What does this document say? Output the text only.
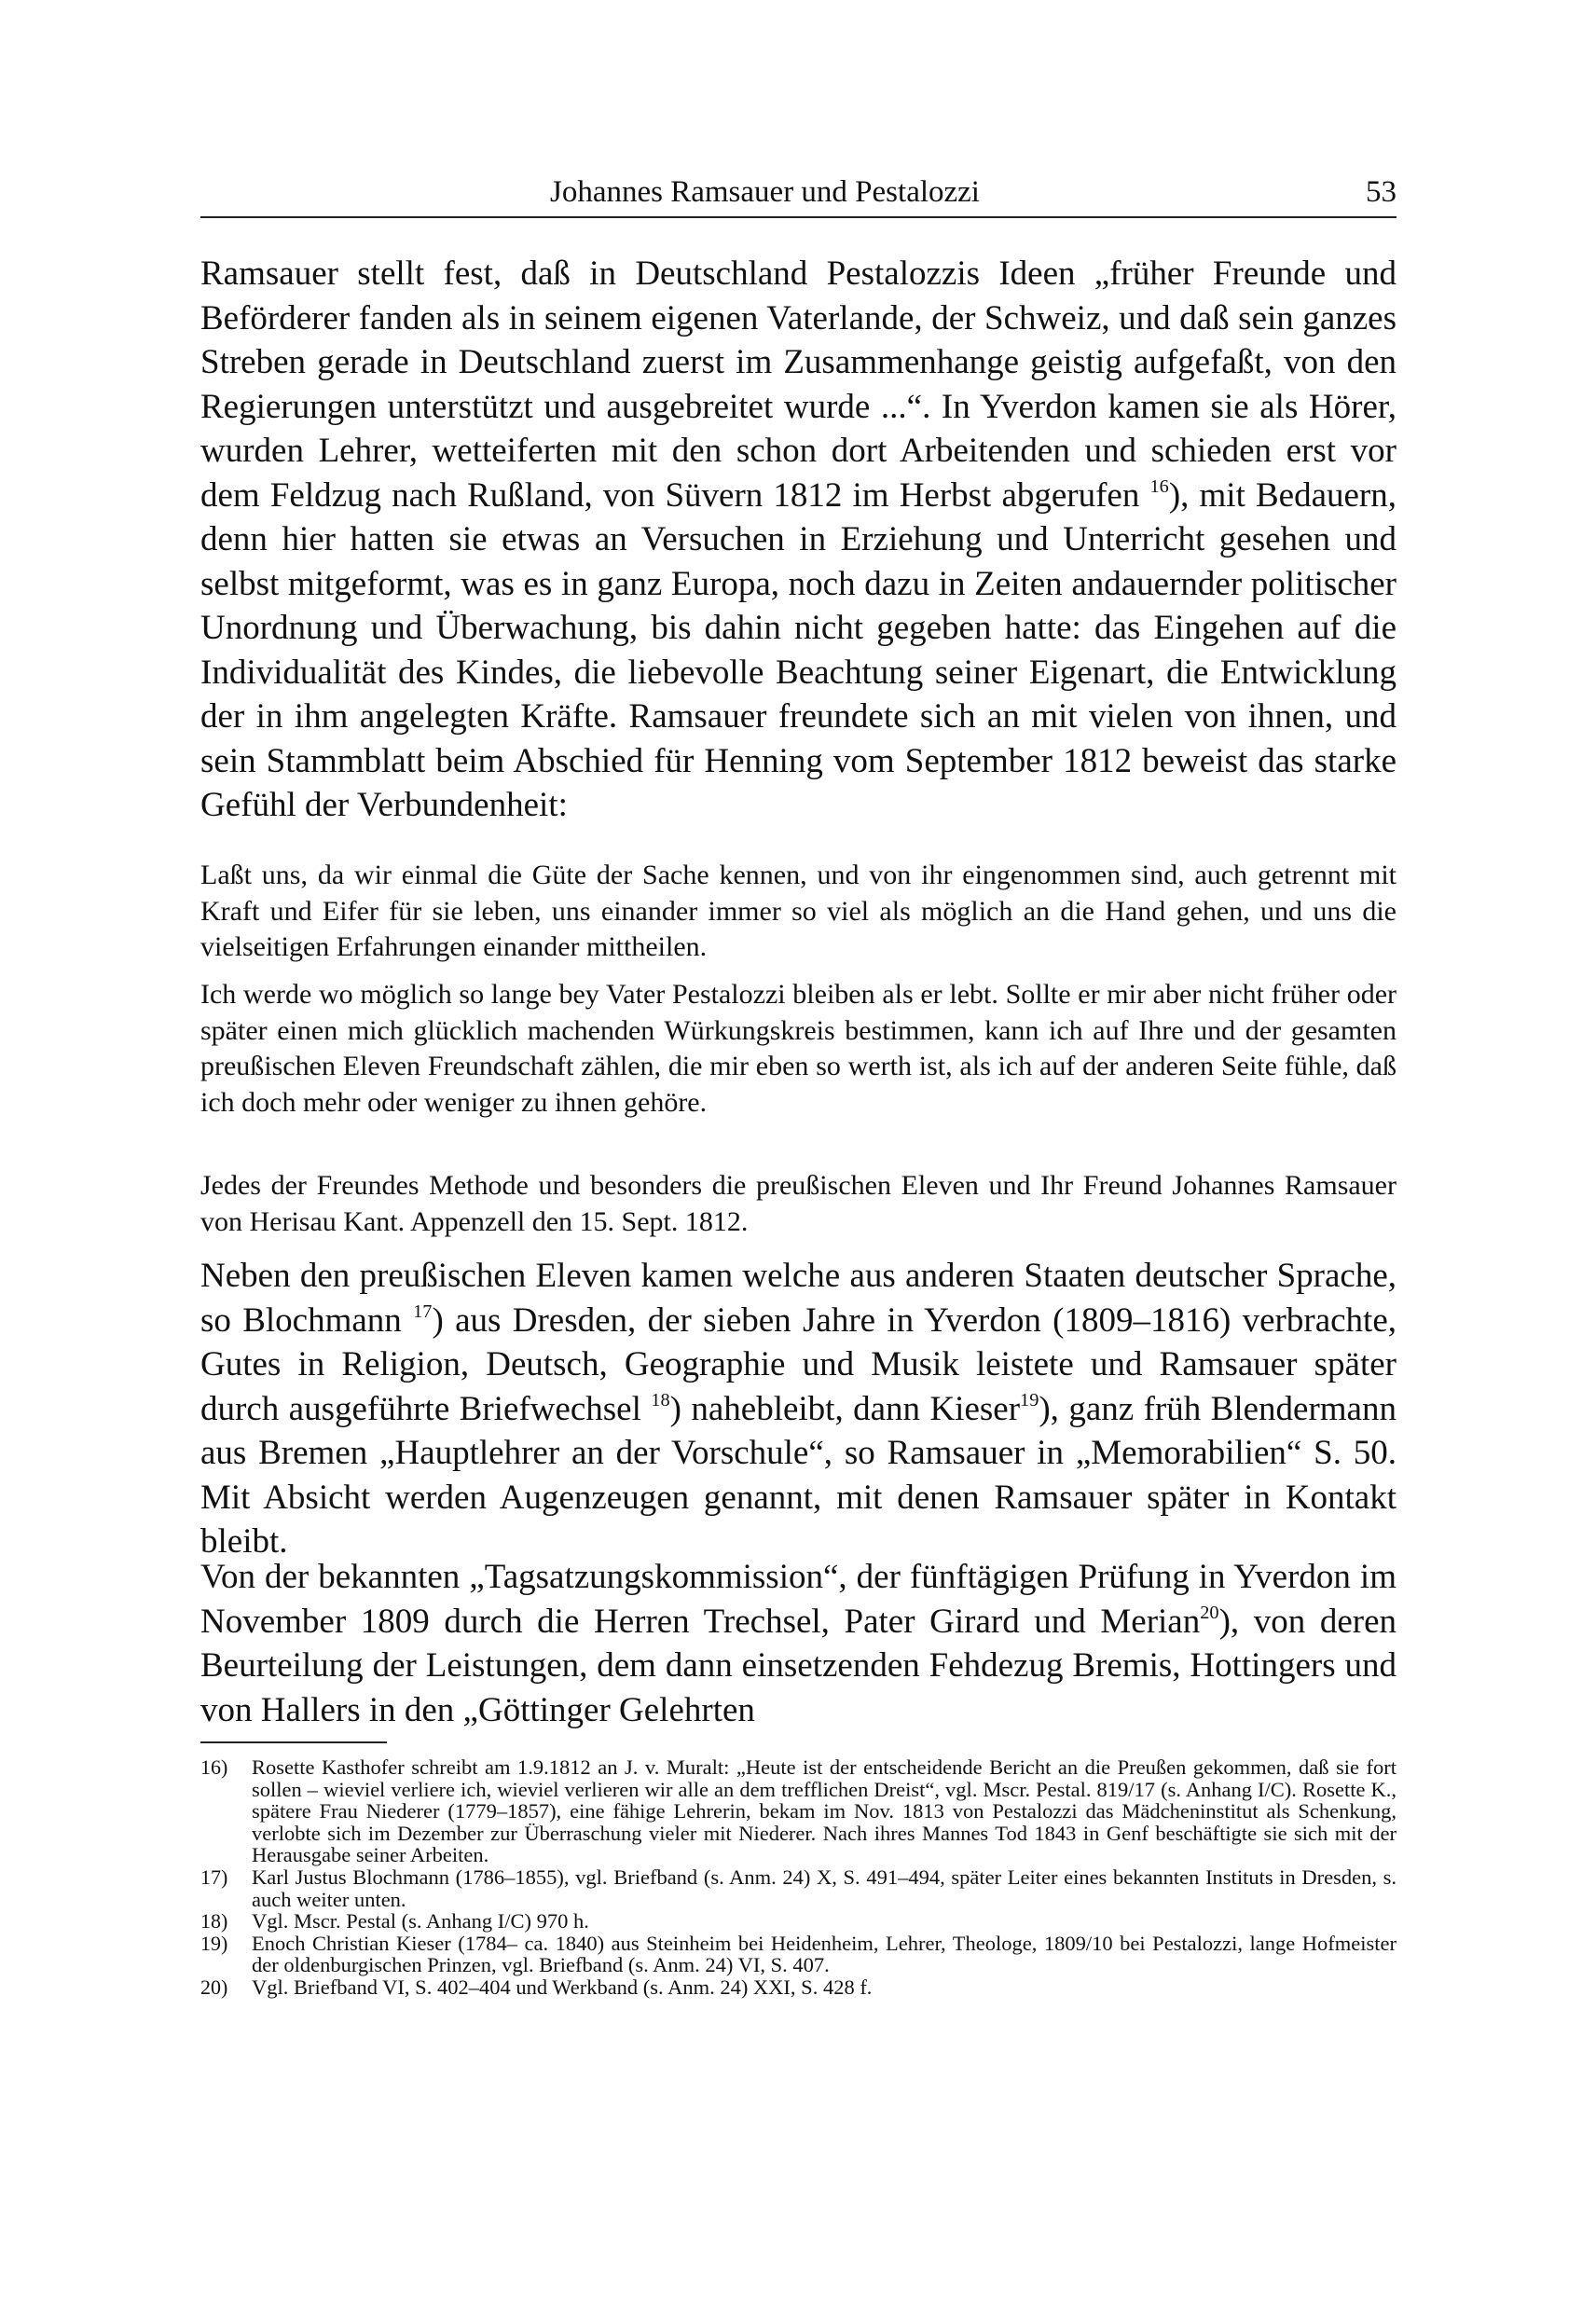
Johannes Ramsauer und Pestalozzi	53

Ramsauer stellt fest, daß in Deutschland Pestalozzis Ideen „früher Freunde und Beförderer fanden als in seinem eigenen Vaterlande, der Schweiz, und daß sein ganzes Streben gerade in Deutschland zuerst im Zusammenhange geistig aufgefaßt, von den Regierungen unterstützt und ausgebreitet wurde ...“. In Yverdon kamen sie als Hörer, wurden Lehrer, wetteiferten mit den schon dort Arbeitenden und schieden erst vor dem Feldzug nach Rußland, von Süvern 1812 im Herbst abgerufen $^{16}$), mit Bedauern, denn hier hatten sie etwas an Versuchen in Erziehung und Unterricht gesehen und selbst mitgeformt, was es in ganz Europa, noch dazu in Zeiten andauernder politischer Unordnung und Überwachung, bis dahin nicht gegeben hatte: das Eingehen auf die Individualität des Kindes, die liebevolle Beachtung seiner Eigenart, die Entwicklung der in ihm angelegten Kräfte. Ramsauer freundete sich an mit vielen von ihnen, und sein Stammblatt beim Abschied für Henning vom September 1812 beweist das starke Gefühl der Verbundenheit:

Laßt uns, da wir einmal die Güte der Sache kennen, und von ihr eingenommen sind, auch getrennt mit Kraft und Eifer für sie leben, uns einander immer so viel als möglich an die Hand gehen, und uns die vielseitigen Erfahrungen einander mittheilen.

Ich werde wo möglich so lange bey Vater Pestalozzi bleiben als er lebt. Sollte er mir aber nicht früher oder später einen mich glücklich machenden Würkungskreis bestimmen, kann ich auf Ihre und der gesamten preußischen Eleven Freundschaft zählen, die mir eben so werth ist, als ich auf der anderen Seite fühle, daß ich doch mehr oder weniger zu ihnen gehöre.

Jedes der Freundes Methode und besonders die preußischen Eleven und Ihr Freund Johannes Ramsauer von Herisau Kant. Appenzell den 15. Sept. 1812.

Neben den preußischen Eleven kamen welche aus anderen Staaten deutscher Sprache, so Blochmann $^{17}$) aus Dresden, der sieben Jahre in Yverdon (1809–1816) verbrachte, Gutes in Religion, Deutsch, Geographie und Musik leistete und Ramsauer später durch ausgeführte Briefwechsel $^{18}$) nahebleibt, dann Kieser$^{19}$), ganz früh Blendermann aus Bremen „Hauptlehrer an der Vorschule“, so Ramsauer in „Memorabilien“ S. 50. Mit Absicht werden Augenzeugen genannt, mit denen Ramsauer später in Kontakt bleibt.

Von der bekannten „Tagsatzungskommission“, der fünftägigen Prüfung in Yverdon im November 1809 durch die Herren Trechsel, Pater Girard und Merian$^{20}$), von deren Beurteilung der Leistungen, dem dann einsetzenden Fehdezug Bremis, Hottingers und von Hallers in den „Göttinger Gelehrten

16) Rosette Kasthofer schreibt am 1.9.1812 an J. v. Muralt: „Heute ist der entscheidende Bericht an die Preußen gekommen, daß sie fort sollen – wieviel verliere ich, wieviel verlieren wir alle an dem trefflichen Dreist“, vgl. Mscr. Pestal. 819/17 (s. Anhang I/C). Rosette K., spätere Frau Niederer (1779–1857), eine fähige Lehrerin, bekam im Nov. 1813 von Pestalozzi das Mädcheninstitut als Schenkung, verlobte sich im Dezember zur Überraschung vieler mit Niederer. Nach ihres Mannes Tod 1843 in Genf beschäftigte sie sich mit der Herausgabe seiner Arbeiten.

17) Karl Justus Blochmann (1786–1855), vgl. Briefband (s. Anm. 24) X, S. 491–494, später Leiter eines bekannten Instituts in Dresden, s. auch weiter unten.

18) Vgl. Mscr. Pestal (s. Anhang I/C) 970 h.

19) Enoch Christian Kieser (1784– ca. 1840) aus Steinheim bei Heidenheim, Lehrer, Theologe, 1809/10 bei Pestalozzi, lange Hofmeister der oldenburgischen Prinzen, vgl. Briefband (s. Anm. 24) VI, S. 407.

20) Vgl. Briefband VI, S. 402–404 und Werkband (s. Anm. 24) XXI, S. 428 f.
